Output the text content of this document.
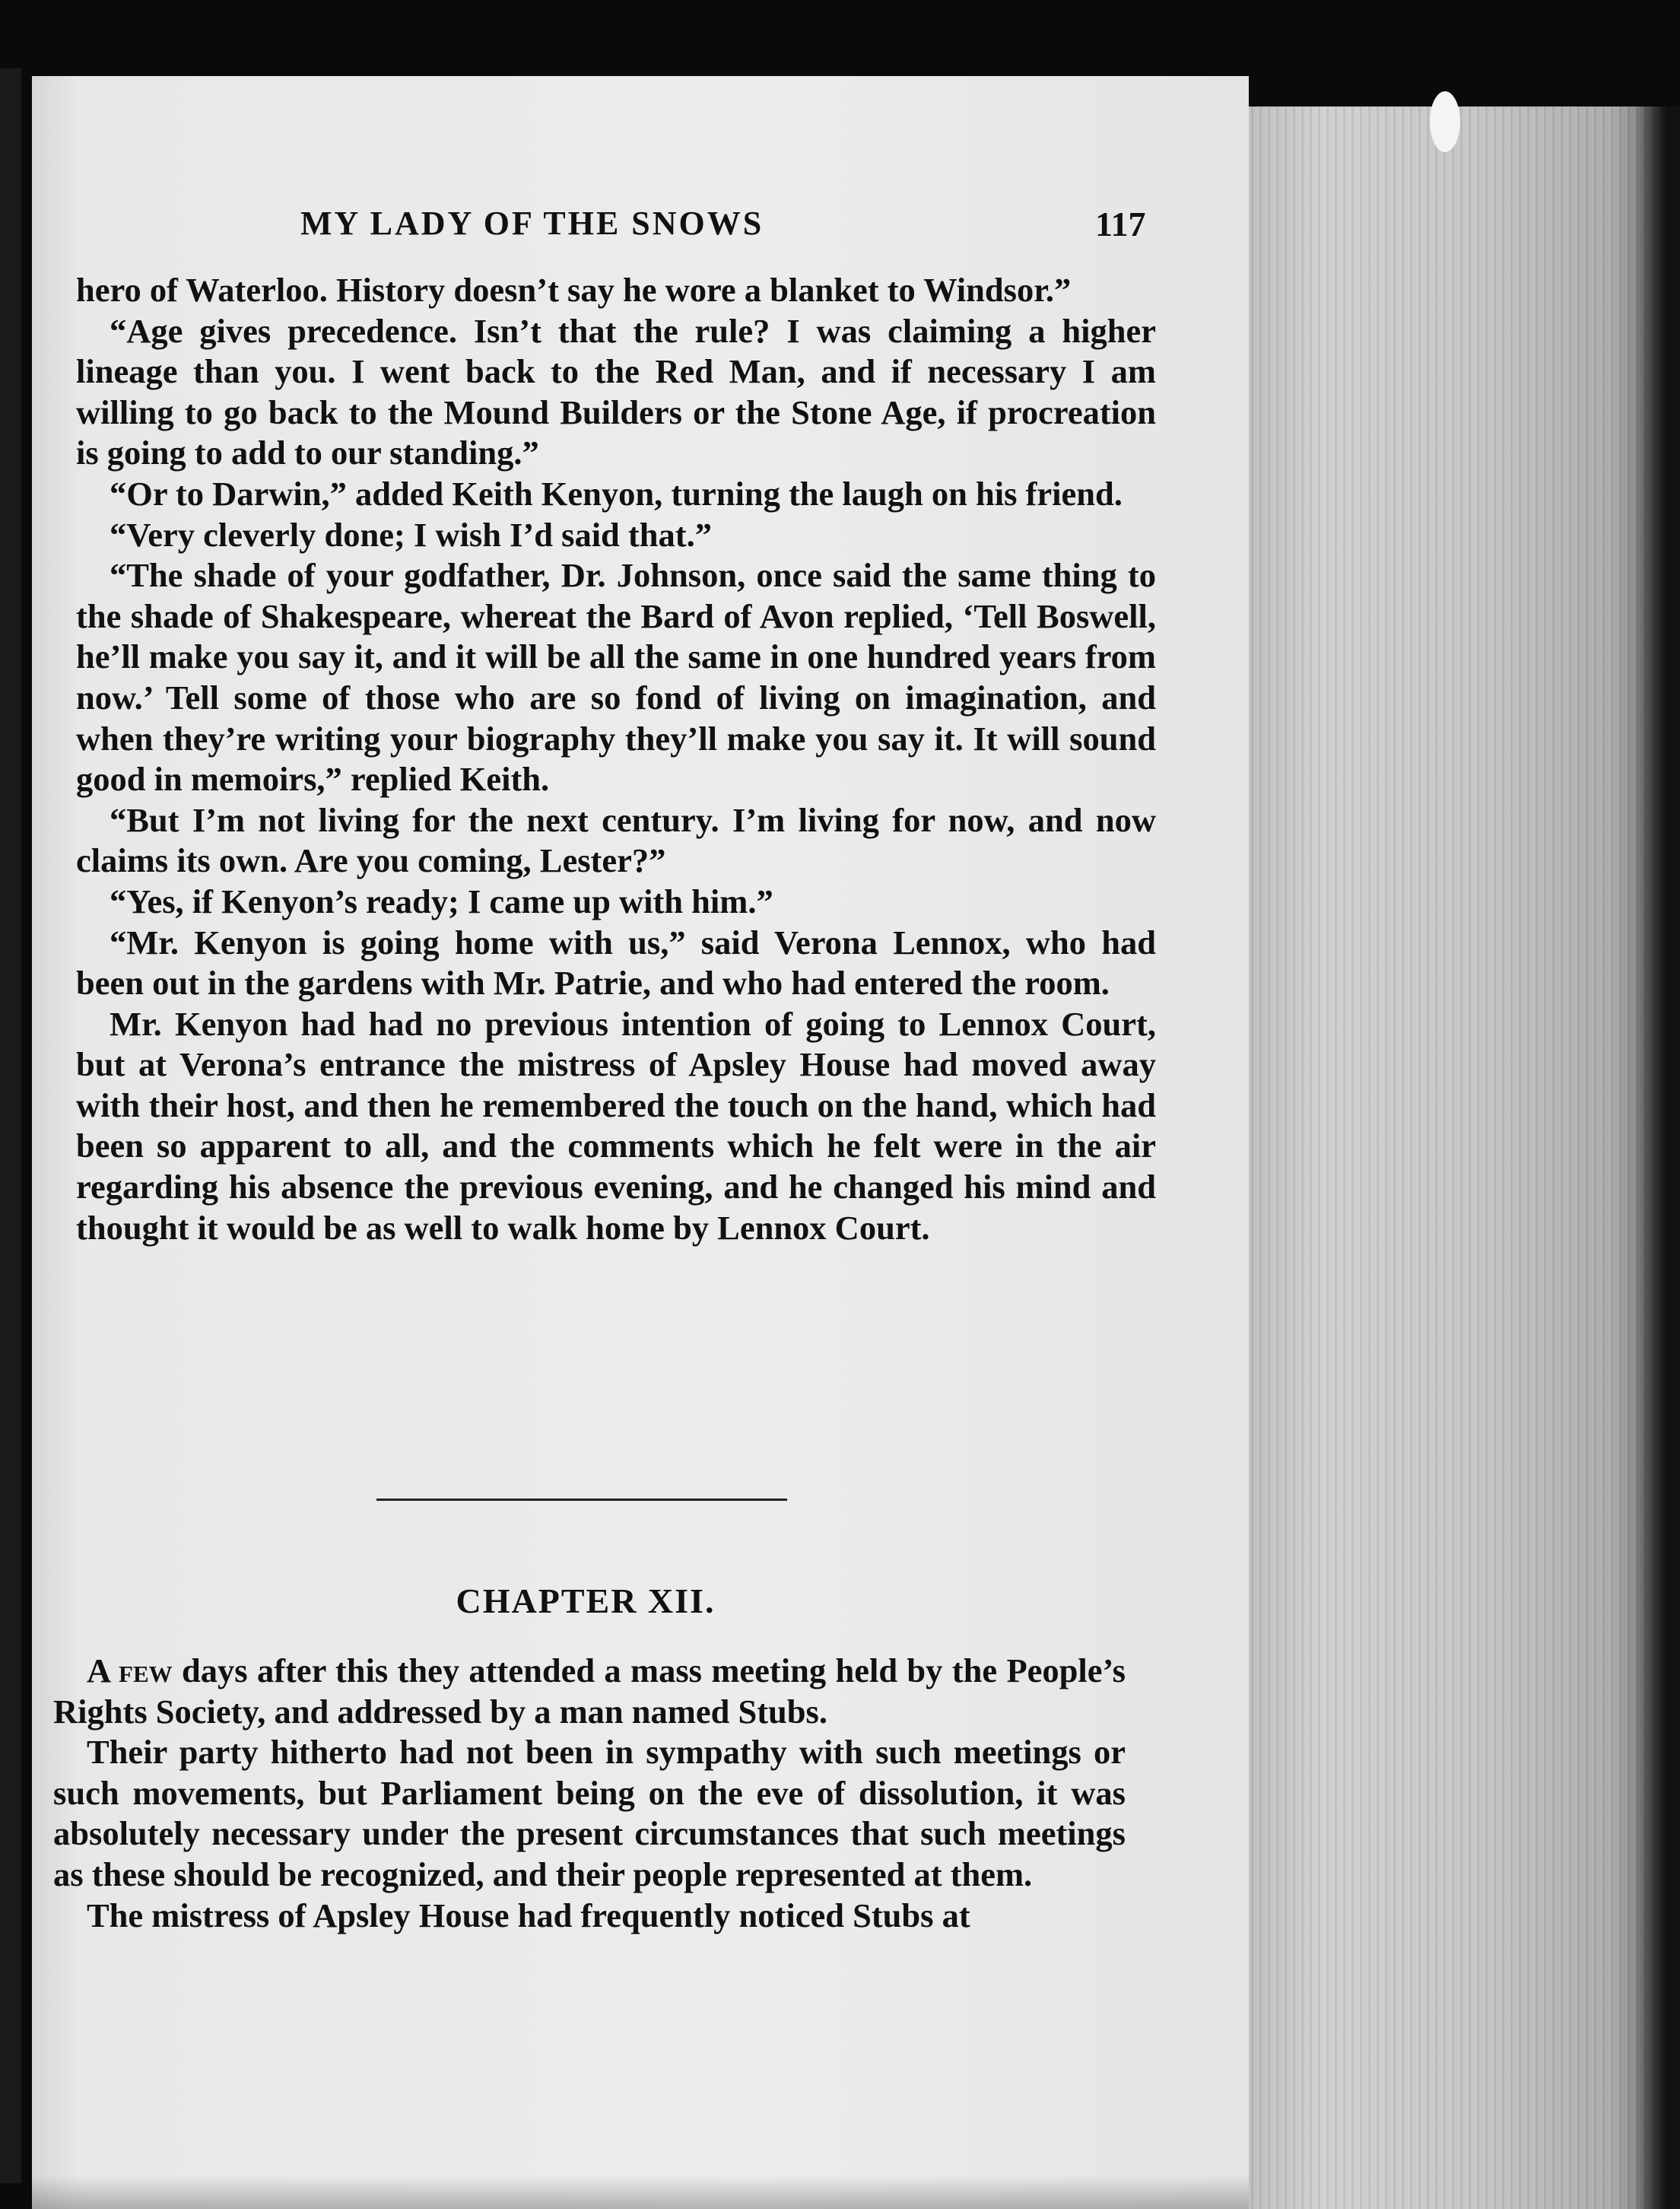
MY LADY OF THE SNOWS	117

hero of Waterloo. History doesn’t say he wore a blanket to Windsor.”

“Age gives precedence. Isn’t that the rule? I was claiming a higher lineage than you. I went back to the Red Man, and if necessary I am willing to go back to the Mound Builders or the Stone Age, if procreation is going to add to our standing.”

“Or to Darwin,” added Keith Kenyon, turning the laugh on his friend.

“Very cleverly done; I wish I’d said that.”

“The shade of your godfather, Dr. Johnson, once said the same thing to the shade of Shakespeare, whereat the Bard of Avon replied, ‘Tell Boswell, he’ll make you say it, and it will be all the same in one hundred years from now.’ Tell some of those who are so fond of living on imagination, and when they’re writing your biography they’ll make you say it. It will sound good in memoirs,” replied Keith.

“But I’m not living for the next century. I’m living for now, and now claims its own. Are you coming, Lester?”

“Yes, if Kenyon’s ready; I came up with him.”

“Mr. Kenyon is going home with us,” said Verona Lennox, who had been out in the gardens with Mr. Patrie, and who had entered the room.

Mr. Kenyon had had no previous intention of going to Lennox Court, but at Verona’s entrance the mistress of Apsley House had moved away with their host, and then he remembered the touch on the hand, which had been so apparent to all, and the comments which he felt were in the air regarding his absence the previous evening, and he changed his mind and thought it would be as well to walk home by Lennox Court.

CHAPTER XII.

A few days after this they attended a mass meeting held by the People’s Rights Society, and addressed by a man named Stubs.

Their party hitherto had not been in sympathy with such meetings or such movements, but Parliament being on the eve of dissolution, it was absolutely necessary under the present circumstances that such meetings as these should be recognized, and their people represented at them.

The mistress of Apsley House had frequently noticed Stubs at
